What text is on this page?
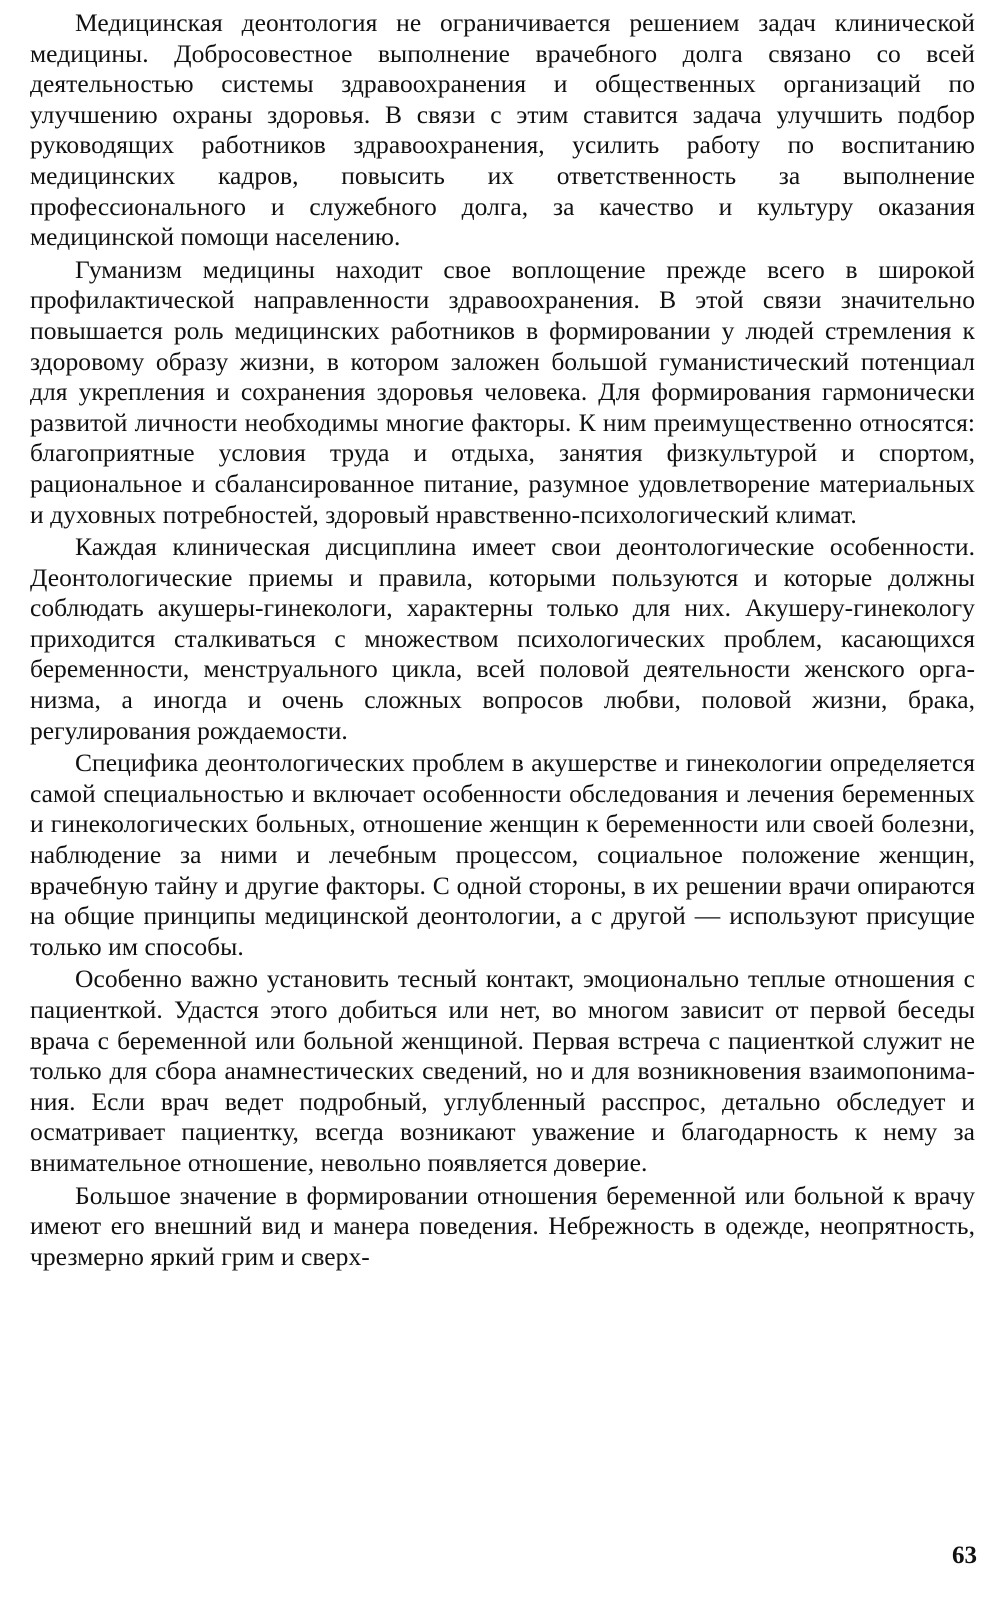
Медицинская деонтология не ограничивается решением задач клинической медицины. Добросовестное выполнение врачебного долга связано со всей деятельностью системы здравоохранения и общественных организаций по улучшению охраны здоровья. В связи с этим ставится задача улучшить подбор руководящих работников здравоохранения, усилить работу по воспитанию медицинских кадров, повысить их ответственность за выполнение профессионального и служебного долга, за качество и культуру оказания медицинской помощи населению.

Гуманизм медицины находит свое воплощение прежде всего в широкой профилактической направленности здравоохранения. В этой связи значительно повышается роль медицинских работников в формировании у людей стремления к здоровому образу жизни, в котором заложен большой гуманистический потенциал для укрепления и сохранения здоровья человека. Для формирования гармонически развитой личности необходимы многие факторы. К ним преимущественно относятся: благоприятные условия труда и отдыха, занятия физкультурой и спортом, рациональное и сбалансированное питание, разумное удовлетворение материальных и духовных потребностей, здоровый нравственно-психологический климат.

Каждая клиническая дисциплина имеет свои деонтологические особенности. Деонтологические приемы и правила, которыми пользуются и которые должны соблюдать акушеры-гинекологи, характерны только для них. Акушеру-гинекологу приходится сталкиваться с множеством психологических проблем, касающихся беременности, менструального цикла, всей половой деятельности женского организма, а иногда и очень сложных вопросов любви, половой жизни, брака, регулирования рождаемости.

Специфика деонтологических проблем в акушерстве и гинекологии определяется самой специальностью и включает особенности обследования и лечения беременных и гинекологических больных, отношение женщин к беременности или своей болезни, наблюдение за ними и лечебным процессом, социальное положение женщин, врачебную тайну и другие факторы. С одной стороны, в их решении врачи опираются на общие принципы медицинской деонтологии, а с другой — используют присущие только им способы.

Особенно важно установить тесный контакт, эмоционально теплые отношения с пациенткой. Удастся этого добиться или нет, во многом зависит от первой беседы врача с беременной или больной женщиной. Первая встреча с пациенткой служит не только для сбора анамнестических сведений, но и для возникновения взаимопонимания. Если врач ведет подробный, углубленный расспрос, детально обследует и осматривает пациентку, всегда возникают уважение и благодарность к нему за внимательное отношение, невольно появляется доверие.

Большое значение в формировании отношения беременной или больной к врачу имеют его внешний вид и манера поведения. Небрежность в одежде, неопрятность, чрезмерно яркий грим и сверх-

63
